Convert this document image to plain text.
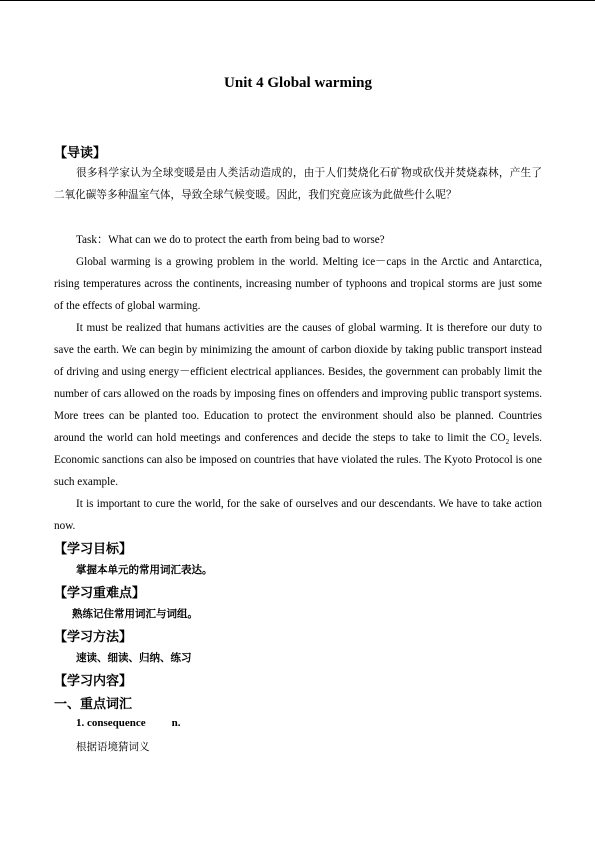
Unit 4 Global warming
【导读】

很多科学家认为全球变暖是由人类活动造成的，由于人们焚烧化石矿物或砍伐并焚烧森林，产生了二氧化碳等多种温室气体，导致全球气候变暖。因此，我们究竟应该为此做些什么呢？

Task：What can we do to protect the earth from being bad to worse?

Global warming is a growing problem in the world. Melting ice－caps in the Arctic and Antarctica, rising temperatures across the continents, increasing number of typhoons and tropical storms are just some of the effects of global warming.

It must be realized that humans activities are the causes of global warming. It is therefore our duty to save the earth. We can begin by minimizing the amount of carbon dioxide by taking public transport instead of driving and using energy－efficient electrical appliances. Besides, the government can probably limit the number of cars allowed on the roads by imposing fines on offenders and improving public transport systems. More trees can be planted too. Education to protect the environment should also be planned. Countries around the world can hold meetings and conferences and decide the steps to take to limit the $CO_2$ levels. Economic sanctions can also be imposed on countries that have violated the rules. The Kyoto Protocol is one such example.

It is important to cure the world, for the sake of ourselves and our descendants. We have to take action now.

【学习目标】
掌握本单元的常用词汇表达。
【学习重难点】
熟练记住常用词汇与词组。
【学习方法】
速读、细读、归纳、练习
【学习内容】
一、重点词汇
1. consequence n.
根据语境猜词义
